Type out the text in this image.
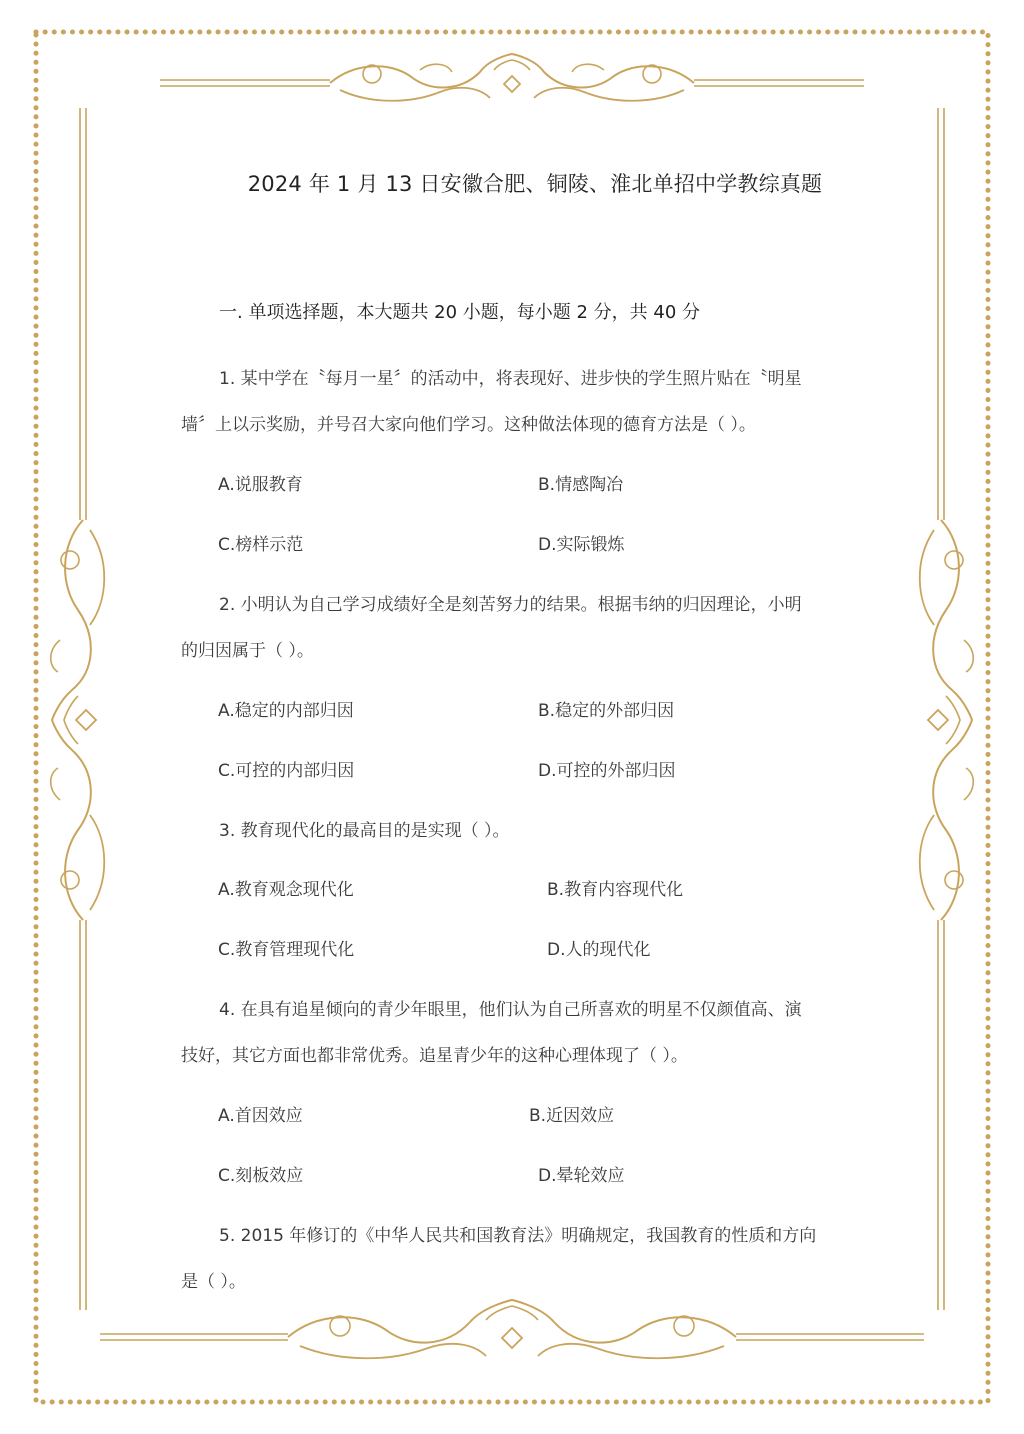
2024 年 1 月 13 日安徽合肥、铜陵、淮北单招中学教综真题
一. 单项选择题，本大题共 20 小题，每小题 2 分，共 40 分
1. 某中学在〝每月一星〞的活动中，将表现好、进步快的学生照片贴在〝明星
墙〞上以示奖励，并号召大家向他们学习。这种做法体现的德育方法是（ ）。
A.说服教育	B.情感陶冶
C.榜样示范	D.实际锻炼
2. 小明认为自己学习成绩好全是刻苦努力的结果。根据韦纳的归因理论，小明
的归因属于（ ）。
A.稳定的内部归因	B.稳定的外部归因
C.可控的内部归因	D.可控的外部归因
3. 教育现代化的最高目的是实现（ ）。
A.教育观念现代化	B.教育内容现代化
C.教育管理现代化	D.人的现代化
4. 在具有追星倾向的青少年眼里，他们认为自己所喜欢的明星不仅颜值高、演
技好，其它方面也都非常优秀。追星青少年的这种心理体现了（ ）。
A.首因效应	B.近因效应
C.刻板效应	D.晕轮效应
5. 2015 年修订的《中华人民共和国教育法》明确规定，我国教育的性质和方向
是（ ）。
